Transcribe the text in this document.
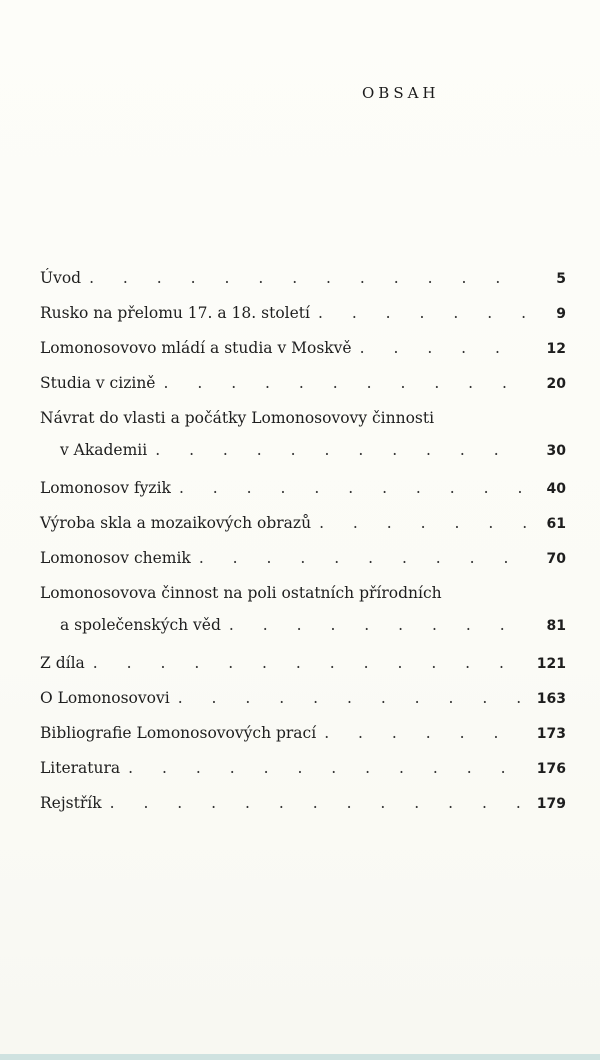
OBSAH
Úvod . . .	5
Rusko na přelomu 17. a 18. století . . .	9
Lomonosovovo mládí a studia v Moskvě . . .	12
Studia v cizině . . .	20
Návrat do vlasti a počátky Lomonosovovy činnosti
v Akademii . . .	30
Lomonosov fyzik . . .	40
Výroba skla a mozaikových obrazů . . .	61
Lomonosov chemik . . .	70
Lomonosovova činnost na poli ostatních přírodních
a společenských věd . . .	81
Z díla . . .	121
O Lomonosovovi . . .	163
Bibliografie Lomonosovových prací . . .	173
Literatura . . .	176
Rejstřík . . .	179
